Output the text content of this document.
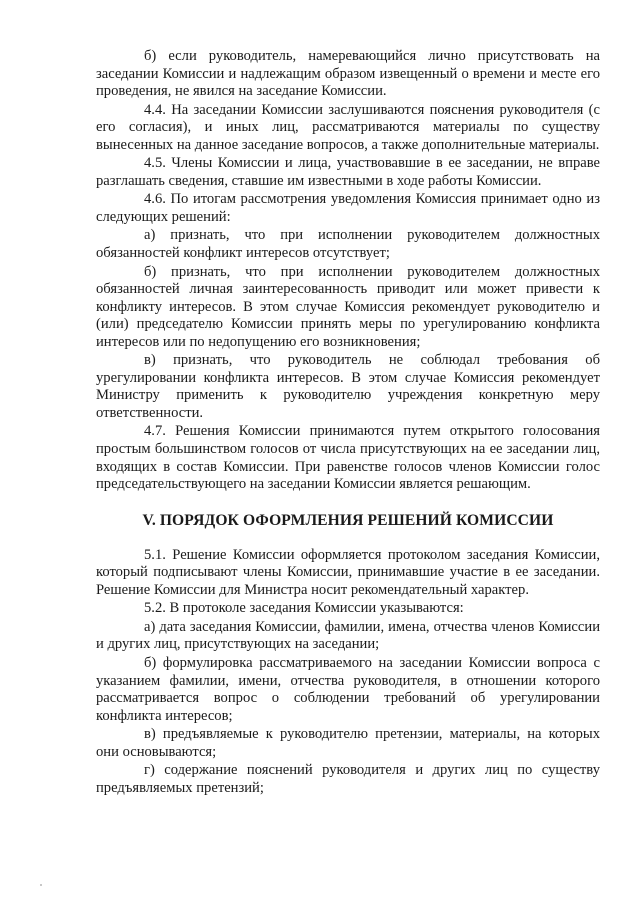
б) если руководитель, намеревающийся лично присутствовать на заседании Комиссии и надлежащим образом извещенный о времени и месте его проведения, не явился на заседание Комиссии.

4.4. На заседании Комиссии заслушиваются пояснения руководителя (с его согласия), и иных лиц, рассматриваются материалы по существу вынесенных на данное заседание вопросов, а также дополнительные материалы.

4.5. Члены Комиссии и лица, участвовавшие в ее заседании, не вправе разглашать сведения, ставшие им известными в ходе работы Комиссии.

4.6. По итогам рассмотрения уведомления Комиссия принимает одно из следующих решений:

а) признать, что при исполнении руководителем должностных обязанностей конфликт интересов отсутствует;

б) признать, что при исполнении руководителем должностных обязанностей личная заинтересованность приводит или может привести к конфликту интересов. В этом случае Комиссия рекомендует руководителю и (или) председателю Комиссии принять меры по урегулированию конфликта интересов или по недопущению его возникновения;

в) признать, что руководитель не соблюдал требования об урегулировании конфликта интересов. В этом случае Комиссия рекомендует Министру применить к руководителю учреждения конкретную меру ответственности.

4.7. Решения Комиссии принимаются путем открытого голосования простым большинством голосов от числа присутствующих на ее заседании лиц, входящих в состав Комиссии. При равенстве голосов членов Комиссии голос председательствующего на заседании Комиссии является решающим.

V. ПОРЯДОК ОФОРМЛЕНИЯ РЕШЕНИЙ КОМИССИИ

5.1. Решение Комиссии оформляется протоколом заседания Комиссии, который подписывают члены Комиссии, принимавшие участие в ее заседании. Решение Комиссии для Министра носит рекомендательный характер.

5.2. В протоколе заседания Комиссии указываются:

а) дата заседания Комиссии, фамилии, имена, отчества членов Комиссии и других лиц, присутствующих на заседании;

б) формулировка рассматриваемого на заседании Комиссии вопроса с указанием фамилии, имени, отчества руководителя, в отношении которого рассматривается вопрос о соблюдении требований об урегулировании конфликта интересов;

в) предъявляемые к руководителю претензии, материалы, на которых они основываются;

г) содержание пояснений руководителя и других лиц по существу предъявляемых претензий;
